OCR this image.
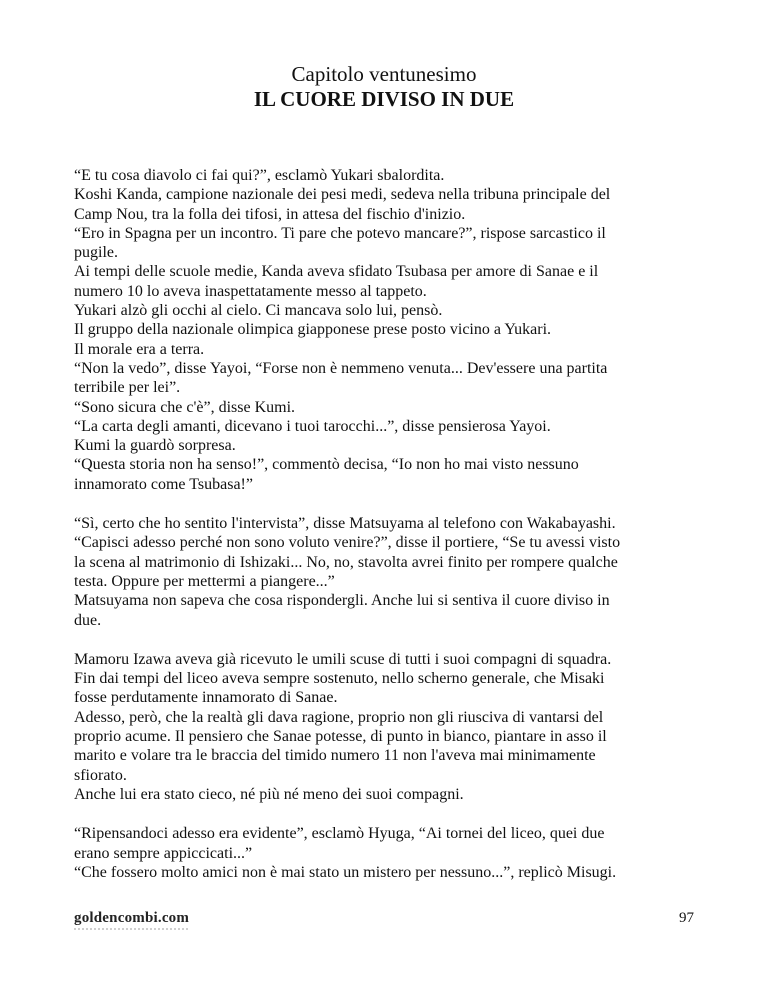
Capitolo ventunesimo
IL CUORE DIVISO IN DUE
“E tu cosa diavolo ci fai qui?”, esclamò Yukari sbalordita.
Koshi Kanda, campione nazionale dei pesi medi, sedeva nella tribuna principale del
Camp Nou, tra la folla dei tifosi, in attesa del fischio d'inizio.
“Ero in Spagna per un incontro. Ti pare che potevo mancare?”, rispose sarcastico il
pugile.
Ai tempi delle scuole medie, Kanda aveva sfidato Tsubasa per amore di Sanae e il
numero 10 lo aveva inaspettatamente messo al tappeto.
Yukari alzò gli occhi al cielo. Ci mancava solo lui, pensò.
Il gruppo della nazionale olimpica giapponese prese posto vicino a Yukari.
Il morale era a terra.
“Non la vedo”, disse Yayoi, “Forse non è nemmeno venuta... Dev'essere una partita
terribile per lei”.
“Sono sicura che c'è”, disse Kumi.
“La carta degli amanti, dicevano i tuoi tarocchi...”, disse pensierosa Yayoi.
Kumi la guardò sorpresa.
“Questa storia non ha senso!”, commentò decisa, “Io non ho mai visto nessuno
innamorato come Tsubasa!”
“Sì, certo che ho sentito l'intervista”, disse Matsuyama al telefono con Wakabayashi.
“Capisci adesso perché non sono voluto venire?”, disse il portiere, “Se tu avessi visto
la scena al matrimonio di Ishizaki... No, no, stavolta avrei finito per rompere qualche
testa. Oppure per mettermi a piangere...”
Matsuyama non sapeva che cosa rispondergli. Anche lui si sentiva il cuore diviso in
due.
Mamoru Izawa aveva già ricevuto le umili scuse di tutti i suoi compagni di squadra.
Fin dai tempi del liceo aveva sempre sostenuto, nello scherno generale, che Misaki
fosse perdutamente innamorato di Sanae.
Adesso, però, che la realtà gli dava ragione, proprio non gli riusciva di vantarsi del
proprio acume. Il pensiero che Sanae potesse, di punto in bianco, piantare in asso il
marito e volare tra le braccia del timido numero 11 non l'aveva mai minimamente
sfiorato.
Anche lui era stato cieco, né più né meno dei suoi compagni.
“Ripensandoci adesso era evidente”, esclamò Hyuga, “Ai tornei del liceo, quei due
erano sempre appiccicati...”
“Che fossero molto amici non è mai stato un mistero per nessuno...”, replicò Misugi.
goldencombi.com	97
